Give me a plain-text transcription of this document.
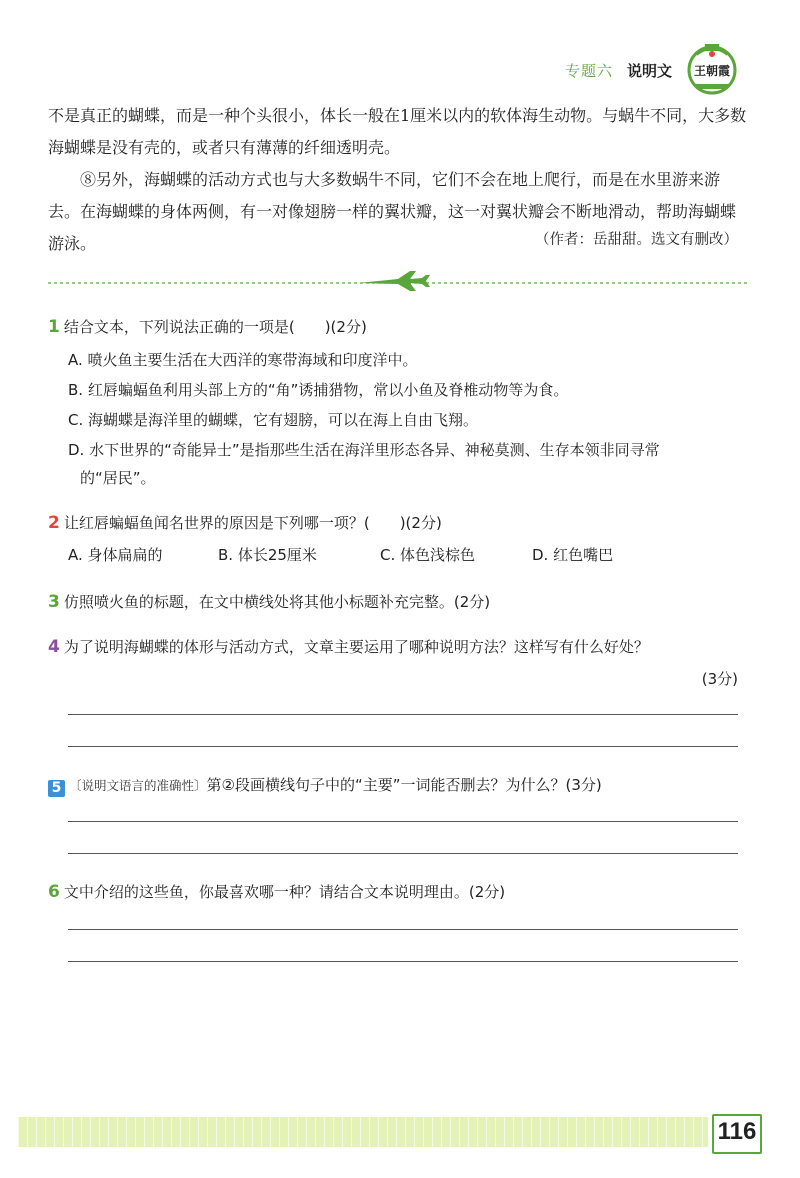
专题六 说明文 王朝霞
不是真正的蝴蝶，而是一种个头很小，体长一般在1厘米以内的软体海生动物。与蜗牛不同，大多数海蝴蝶是没有壳的，或者只有薄薄的纤细透明壳。
⑧另外，海蝴蝶的活动方式也与大多数蜗牛不同，它们不会在地上爬行，而是在水里游来游去。在海蝴蝶的身体两侧，有一对像翅膀一样的翼状瓣，这一对翼状瓣会不断地滑动，帮助海蝴蝶游泳。	（作者：岳甜甜。选文有删改）
1 结合文本，下列说法正确的一项是(　　)(2分)
A. 喷火鱼主要生活在大西洋的寒带海域和印度洋中。
B. 红唇蝙蝠鱼利用头部上方的“角”诱捕猎物，常以小鱼及脊椎动物等为食。
C. 海蝴蝶是海洋里的蝴蝶，它有翅膀，可以在海上自由飞翔。
D. 水下世界的“奇能异士”是指那些生活在海洋里形态各异、神秘莫测、生存本领非同寻常
的“居民”。
2 让红唇蝙蝠鱼闻名世界的原因是下列哪一项？(　　)(2分)
A. 身体扁扁的	B. 体长25厘米	C. 体色浅棕色	D. 红色嘴巴
3 仿照喷火鱼的标题，在文中横线处将其他小标题补充完整。(2分)
4 为了说明海蝴蝶的体形与活动方式，文章主要运用了哪种说明方法？这样写有什么好处？
(3分)
5 〔说明文语言的准确性〕第②段画横线句子中的“主要”一词能否删去？为什么？(3分)
6 文中介绍的这些鱼，你最喜欢哪一种？请结合文本说明理由。(2分)
116
